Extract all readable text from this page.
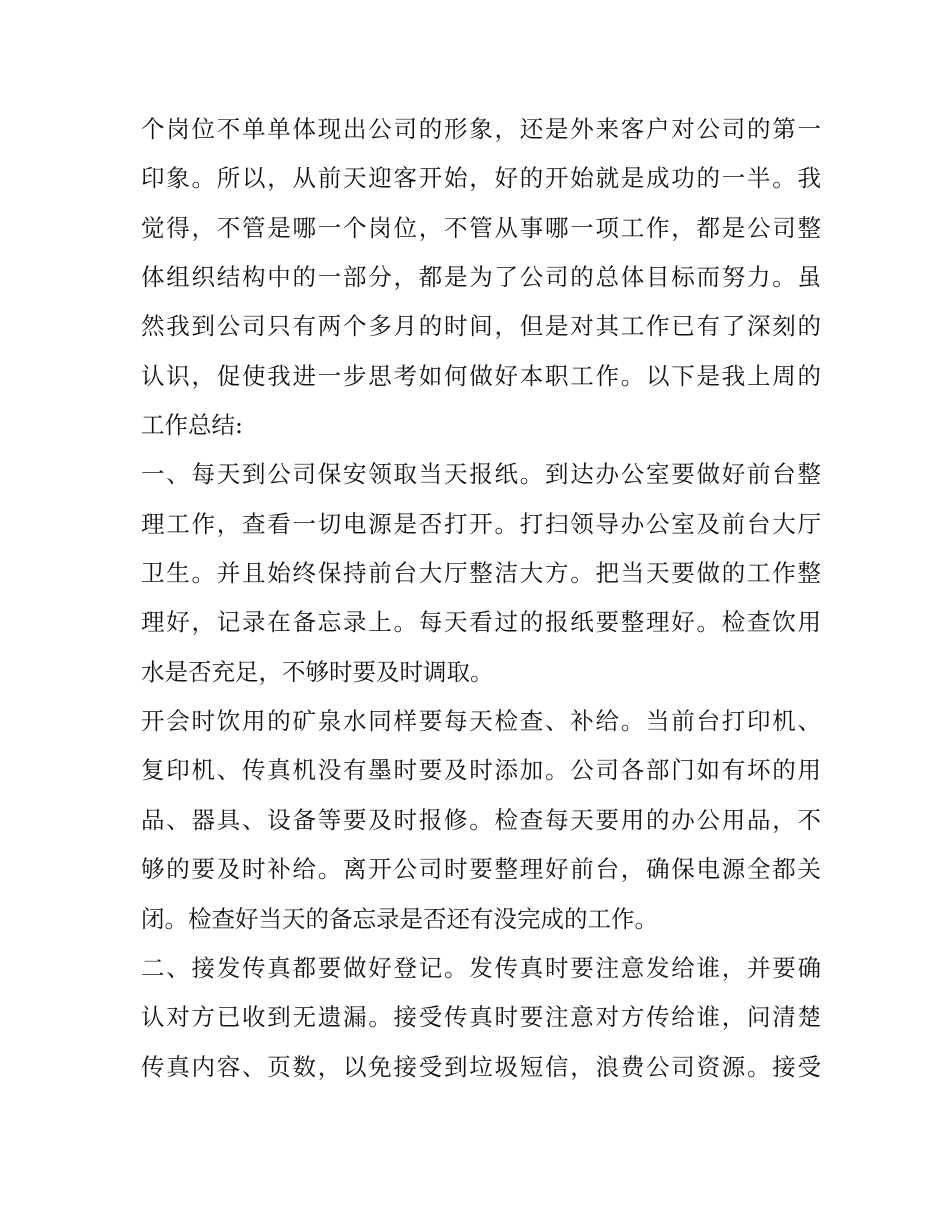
个岗位不单单体现出公司的形象，还是外来客户对公司的第一
印象。所以，从前天迎客开始，好的开始就是成功的一半。我
觉得，不管是哪一个岗位，不管从事哪一项工作，都是公司整
体组织结构中的一部分，都是为了公司的总体目标而努力。虽
然我到公司只有两个多月的时间，但是对其工作已有了深刻的
认识，促使我进一步思考如何做好本职工作。以下是我上周的
工作总结:
一、每天到公司保安领取当天报纸。到达办公室要做好前台整
理工作，查看一切电源是否打开。打扫领导办公室及前台大厅
卫生。并且始终保持前台大厅整洁大方。把当天要做的工作整
理好，记录在备忘录上。每天看过的报纸要整理好。检查饮用
水是否充足，不够时要及时调取。
开会时饮用的矿泉水同样要每天检查、补给。当前台打印机、
复印机、传真机没有墨时要及时添加。公司各部门如有坏的用
品、器具、设备等要及时报修。检查每天要用的办公用品，不
够的要及时补给。离开公司时要整理好前台，确保电源全都关
闭。检查好当天的备忘录是否还有没完成的工作。
二、接发传真都要做好登记。发传真时要注意发给谁，并要确
认对方已收到无遗漏。接受传真时要注意对方传给谁，问清楚
传真内容、页数，以免接受到垃圾短信，浪费公司资源。接受
